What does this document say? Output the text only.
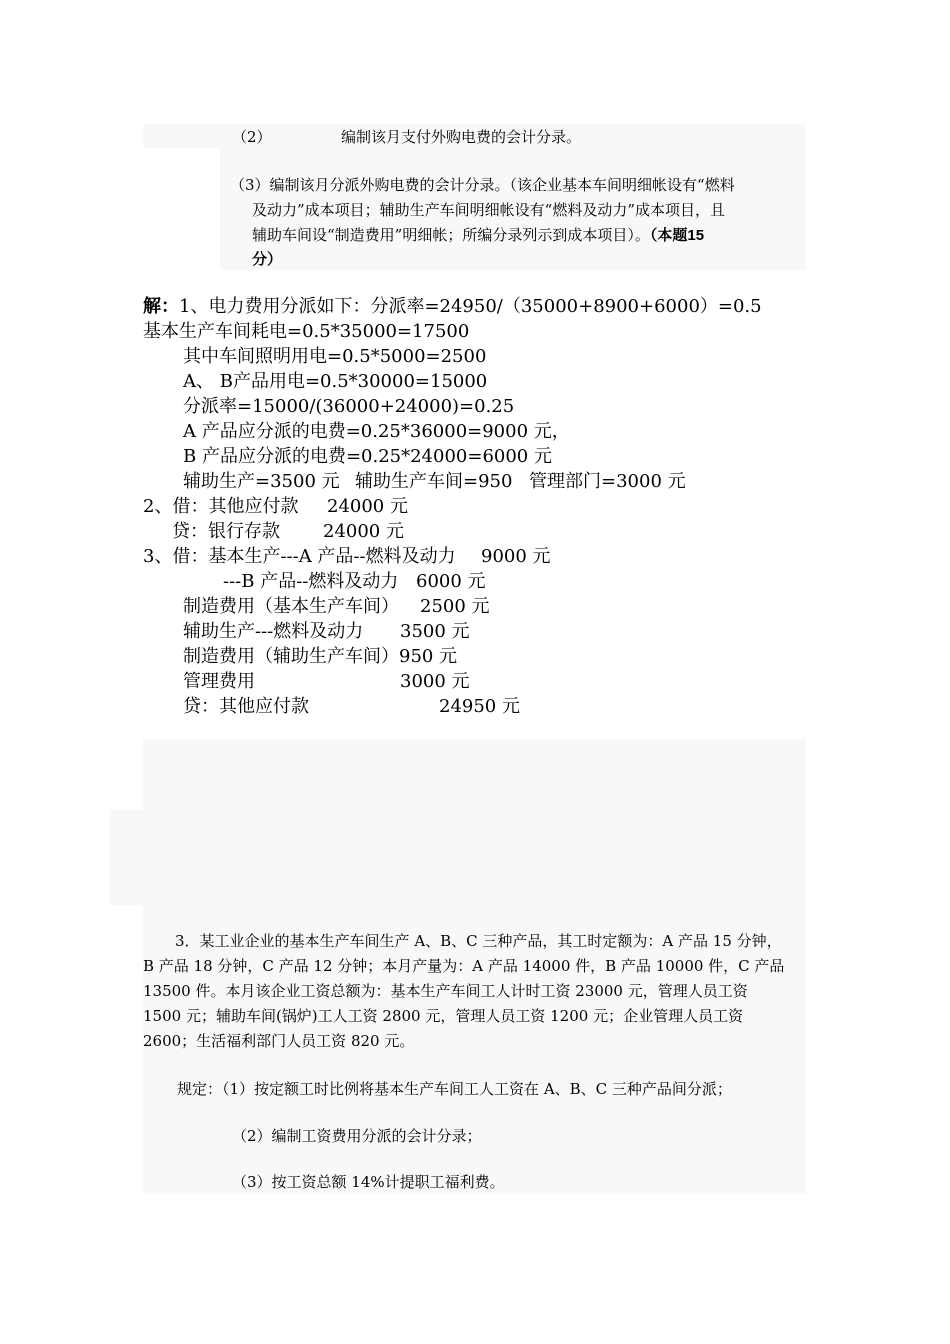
（2）	编制该月支付外购电费的会计分录。
（3）编制该月分派外购电费的会计分录。（该企业基本车间明细帐设有“燃料
及动力”成本项目；辅助生产车间明细帐设有“燃料及动力”成本项目，且
辅助车间设“制造费用”明细帐；所编分录列示到成本项目）。（本题15
分）
解：1、电力费用分派如下：分派率=24950/（35000+8900+6000）=0.5
基本生产车间耗电=0.5*35000=17500
其中车间照明用电=0.5*5000=2500
A、 B产品用电=0.5*30000=15000
分派率=15000/(36000+24000)=0.25
A 产品应分派的电费=0.25*36000=9000 元，
B 产品应分派的电费=0.25*24000=6000 元
辅助生产=3500 元 辅助生产车间=950 管理部门=3000 元
2、借：其他应付款 24000 元
贷：银行存款 24000 元
3、借：基本生产---A 产品--燃料及动力 9000 元
---B 产品--燃料及动力 6000 元
制造费用（基本生产车间） 2500 元
辅助生产---燃料及动力 3500 元
制造费用（辅助生产车间）950 元
管理费用	3000 元
贷：其他应付款	24950 元
3．某工业企业的基本生产车间生产 A、B、C 三种产品，其工时定额为：A 产品 15 分钟，
B 产品 18 分钟，C 产品 12 分钟；本月产量为：A 产品 14000 件，B 产品 10000 件，C 产品
13500 件。本月该企业工资总额为：基本生产车间工人计时工资 23000 元，管理人员工资
1500 元；辅助车间(锅炉)工人工资 2800 元，管理人员工资 1200 元；企业管理人员工资
2600；生活福利部门人员工资 820 元。
规定：（1）按定额工时比例将基本生产车间工人工资在 A、B、C 三种产品间分派；
（2）编制工资费用分派的会计分录；
（3）按工资总额 14%计提职工福利费。
